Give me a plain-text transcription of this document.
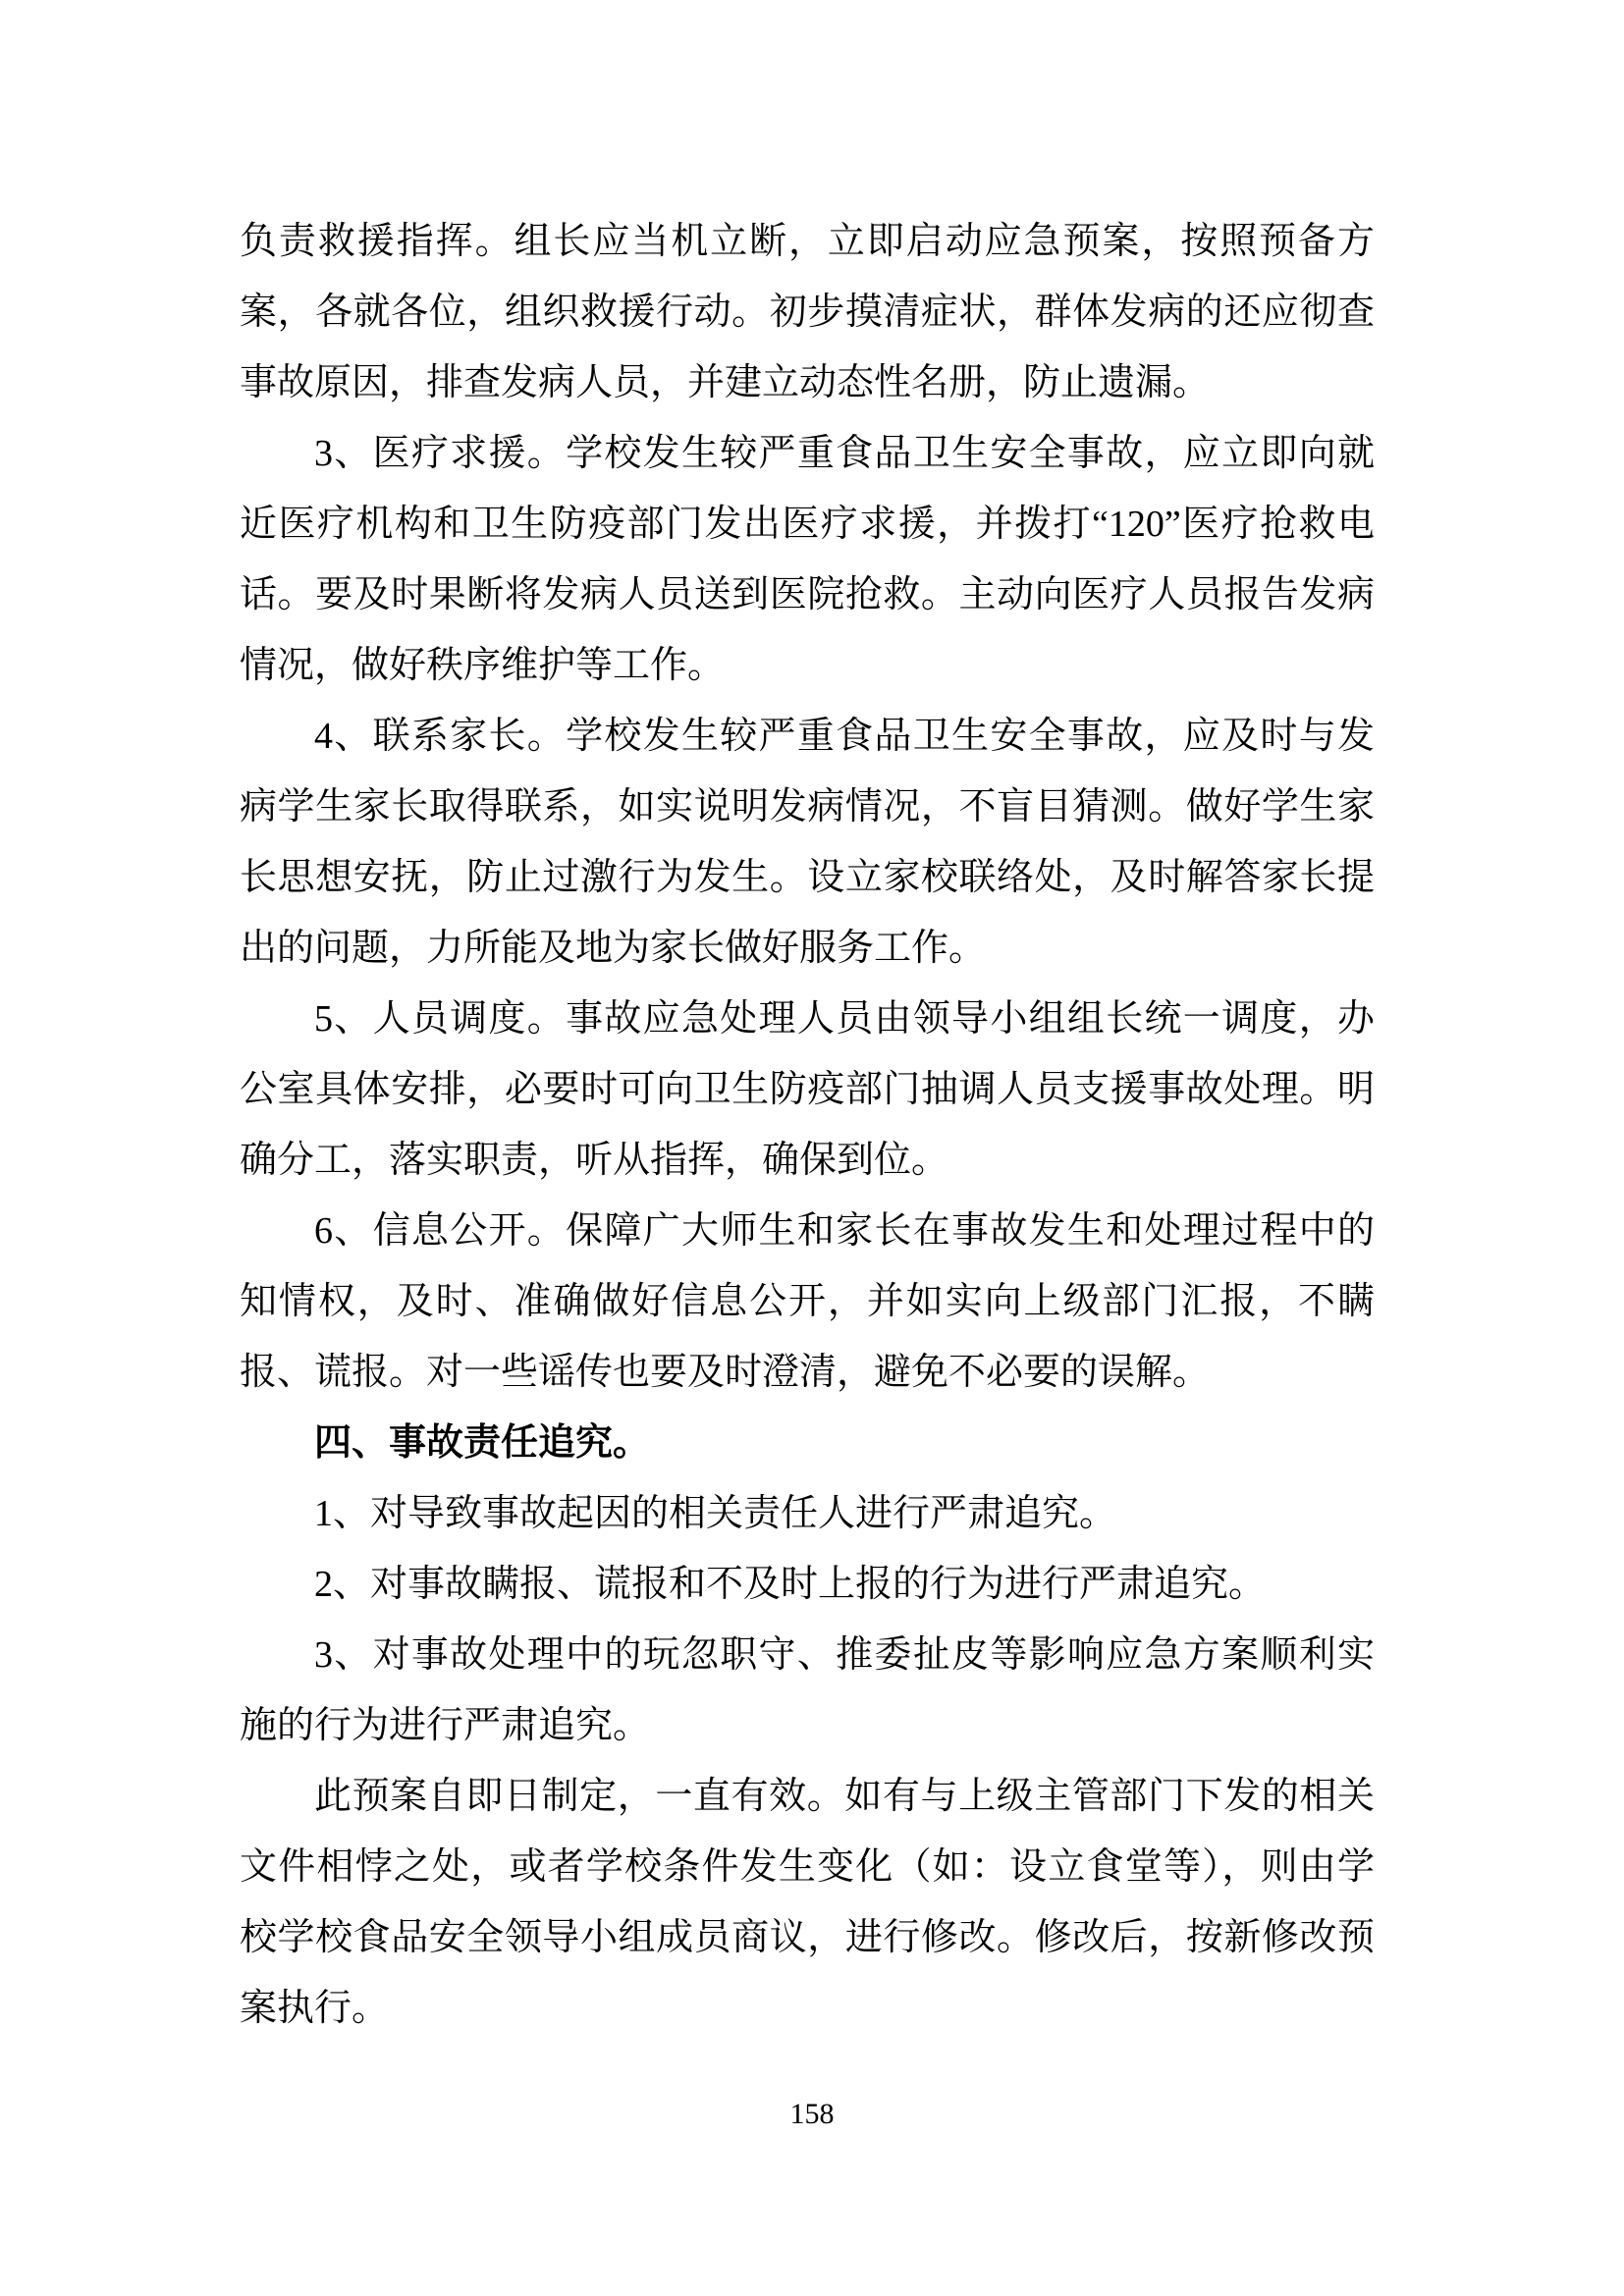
负责救援指挥。组长应当机立断，立即启动应急预案，按照预备方案，各就各位，组织救援行动。初步摸清症状，群体发病的还应彻查事故原因，排查发病人员，并建立动态性名册，防止遗漏。

3、医疗求援。学校发生较严重食品卫生安全事故，应立即向就近医疗机构和卫生防疫部门发出医疗求援，并拨打“120”医疗抢救电话。要及时果断将发病人员送到医院抢救。主动向医疗人员报告发病情况，做好秩序维护等工作。

4、联系家长。学校发生较严重食品卫生安全事故，应及时与发病学生家长取得联系，如实说明发病情况，不盲目猜测。做好学生家长思想安抚，防止过激行为发生。设立家校联络处，及时解答家长提出的问题，力所能及地为家长做好服务工作。

5、人员调度。事故应急处理人员由领导小组组长统一调度，办公室具体安排，必要时可向卫生防疫部门抽调人员支援事故处理。明确分工，落实职责，听从指挥，确保到位。

6、信息公开。保障广大师生和家长在事故发生和处理过程中的知情权，及时、准确做好信息公开，并如实向上级部门汇报，不瞒报、谎报。对一些谣传也要及时澄清，避免不必要的误解。

四、事故责任追究。

1、对导致事故起因的相关责任人进行严肃追究。

2、对事故瞒报、谎报和不及时上报的行为进行严肃追究。

3、对事故处理中的玩忽职守、推委扯皮等影响应急方案顺利实施的行为进行严肃追究。

此预案自即日制定，一直有效。如有与上级主管部门下发的相关文件相悖之处，或者学校条件发生变化（如：设立食堂等），则由学校学校食品安全领导小组成员商议，进行修改。修改后，按新修改预案执行。

158
